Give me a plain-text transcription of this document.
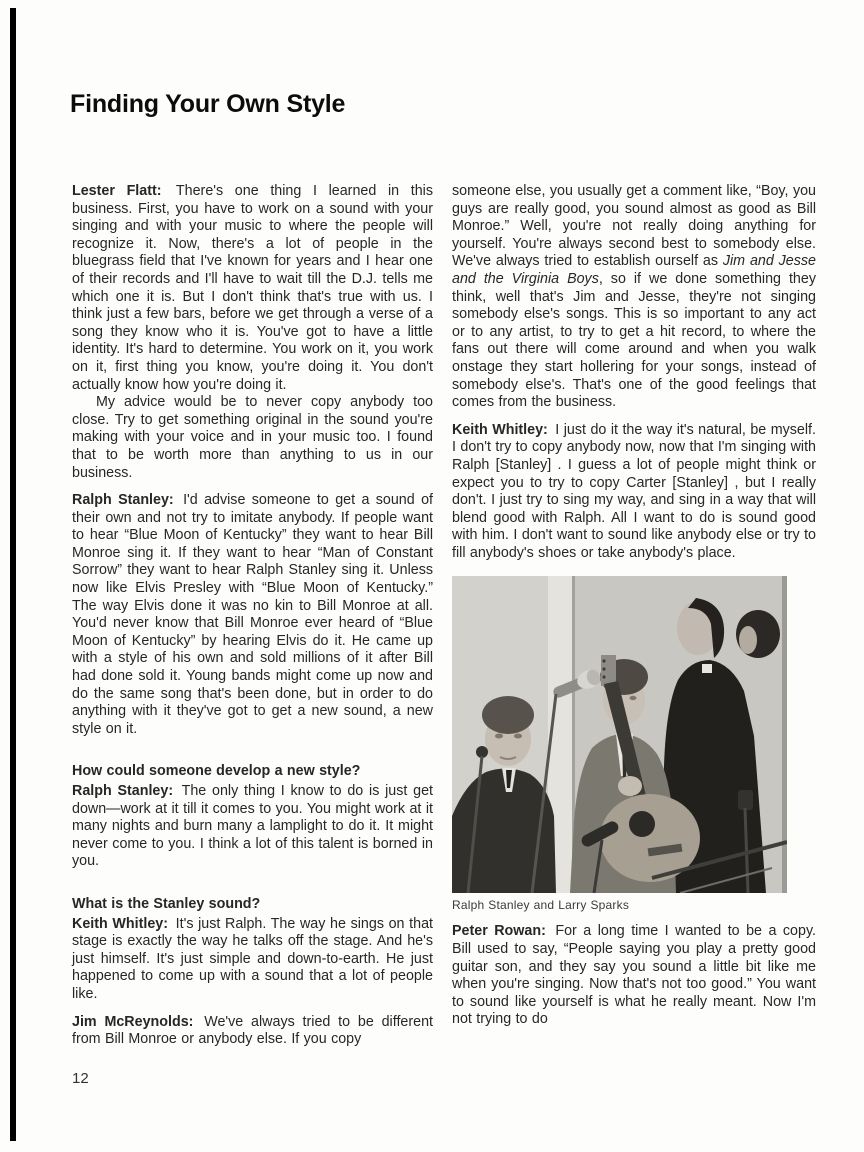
Finding Your Own Style

Lester Flatt: There's one thing I learned in this business. First, you have to work on a sound with your singing and with your music to where the people will recognize it. Now, there's a lot of people in the bluegrass field that I've known for years and I hear one of their records and I'll have to wait till the D.J. tells me which one it is. But I don't think that's true with us. I think just a few bars, before we get through a verse of a song they know who it is. You've got to have a little identity. It's hard to determine. You work on it, you work on it, first thing you know, you're doing it. You don't actually know how you're doing it.

My advice would be to never copy anybody too close. Try to get something original in the sound you're making with your voice and in your music too. I found that to be worth more than anything to us in our business.

Ralph Stanley: I'd advise someone to get a sound of their own and not try to imitate anybody. If people want to hear “Blue Moon of Kentucky” they want to hear Bill Monroe sing it. If they want to hear “Man of Constant Sorrow” they want to hear Ralph Stanley sing it. Unless now like Elvis Presley with “Blue Moon of Kentucky.” The way Elvis done it was no kin to Bill Monroe at all. You'd never know that Bill Monroe ever heard of “Blue Moon of Kentucky” by hearing Elvis do it. He came up with a style of his own and sold millions of it after Bill had done sold it. Young bands might come up now and do the same song that's been done, but in order to do anything with it they've got to get a new sound, a new style on it.

How could someone develop a new style?

Ralph Stanley: The only thing I know to do is just get down—work at it till it comes to you. You might work at it many nights and burn many a lamplight to do it. It might never come to you. I think a lot of this talent is borned in you.

What is the Stanley sound?

Keith Whitley: It's just Ralph. The way he sings on that stage is exactly the way he talks off the stage. And he's just himself. It's just simple and down-to-earth. He just happened to come up with a sound that a lot of people like.

Jim McReynolds: We've always tried to be different from Bill Monroe or anybody else. If you copy

someone else, you usually get a comment like, “Boy, you guys are really good, you sound almost as good as Bill Monroe.” Well, you're not really doing anything for yourself. You're always second best to somebody else. We've always tried to establish ourself as Jim and Jesse and the Virginia Boys, so if we done something they think, well that's Jim and Jesse, they're not singing somebody else's songs. This is so important to any act or to any artist, to try to get a hit record, to where the fans out there will come around and when you walk onstage they start hollering for your songs, instead of somebody else's. That's one of the good feelings that comes from the business.

Keith Whitley: I just do it the way it's natural, be myself. I don't try to copy anybody now, now that I'm singing with Ralph [Stanley] . I guess a lot of people might think or expect you to try to copy Carter [Stanley] , but I really don't. I just try to sing my way, and sing in a way that will blend good with Ralph. All I want to do is sound good with him. I don't want to sound like anybody else or try to fill anybody's shoes or take anybody's place.

Ralph Stanley and Larry Sparks

Peter Rowan: For a long time I wanted to be a copy. Bill used to say, “People saying you play a pretty good guitar son, and they say you sound a little bit like me when you're singing. Now that's not too good.” You want to sound like yourself is what he really meant. Now I'm not trying to do

12
